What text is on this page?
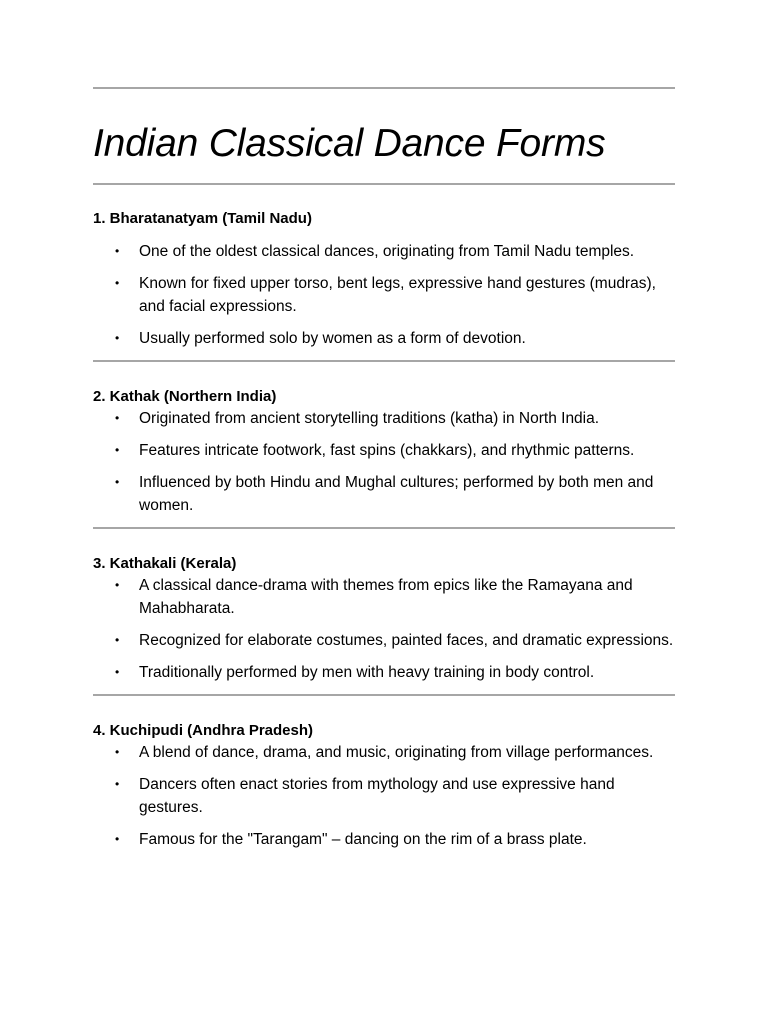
Indian Classical Dance Forms

1. Bharatanatyam (Tamil Nadu)

• One of the oldest classical dances, originating from Tamil Nadu temples.
• Known for fixed upper torso, bent legs, expressive hand gestures (mudras), and facial expressions.
• Usually performed solo by women as a form of devotion.

2. Kathak (Northern India)

• Originated from ancient storytelling traditions (katha) in North India.
• Features intricate footwork, fast spins (chakkars), and rhythmic patterns.
• Influenced by both Hindu and Mughal cultures; performed by both men and women.

3. Kathakali (Kerala)

• A classical dance-drama with themes from epics like the Ramayana and Mahabharata.
• Recognized for elaborate costumes, painted faces, and dramatic expressions.
• Traditionally performed by men with heavy training in body control.

4. Kuchipudi (Andhra Pradesh)

• A blend of dance, drama, and music, originating from village performances.
• Dancers often enact stories from mythology and use expressive hand gestures.
• Famous for the "Tarangam" – dancing on the rim of a brass plate.
